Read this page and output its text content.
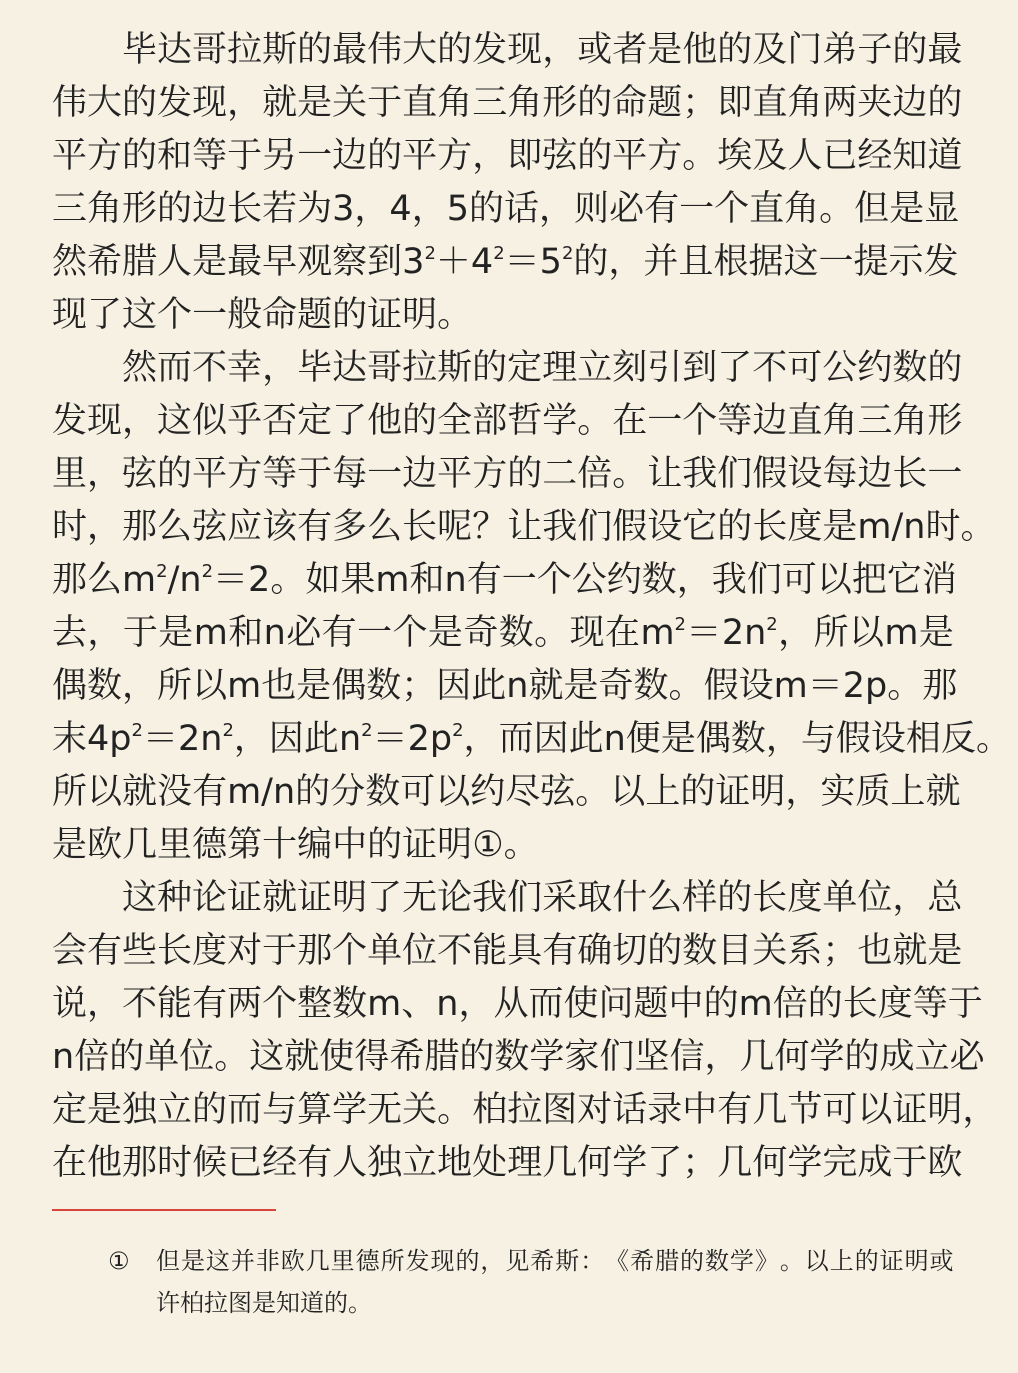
毕 达 哥 拉 斯 的 最 伟 大 的 发 现 ， 或 者 是 他 的 及 门 弟 子 的 最
伟 大 的 发 现 ， 就 是 关 于 直 角 三 角 形 的 命 题 ； 即 直 角 两 夹 边 的
平 方 的 和 等 于 另 一 边 的 平 方 ， 即 弦 的 平 方 。 埃 及 人 已 经 知 道
三 角 形 的 边 长 若 为 3 ， 4 ， 5 的 话 ， 则 必 有 一 个 直 角 。 但 是 显
然 希 腊 人 是 最 早 观 察 到 $3^2 + 4^2 = 5^2$ 的 ， 并 且 根 据 这 一 提 示 发
现 了 这 个 一 般 命 题 的 证 明 。
然 而 不 幸 ， 毕 达 哥 拉 斯 的 定 理 立 刻 引 到 了 不 可 公 约 数 的
发 现 ， 这 似 乎 否 定 了 他 的 全 部 哲 学 。 在 一 个 等 边 直 角 三 角 形
里 ， 弦 的 平 方 等 于 每 一 边 平 方 的 二 倍 。 让 我 们 假 设 每 边 长 一
时 ， 那 么 弦 应 该 有 多 么 长 呢 ？ 让 我 们 假 设 它 的 长 度 是 m/n 时 。
那 么 $m^2/n^2 = 2$ 。 如 果 m 和 n 有 一 个 公 约 数 ， 我 们 可 以 把 它 消
去 ， 于 是 m 和 n 必 有 一 个 是 奇 数 。 现 在 $m^2 = 2n^2$ ， 所 以 m 是
偶 数 ， 所 以 m 也 是 偶 数 ； 因 此 n 就 是 奇 数 。 假 设 m ＝ 2p 。 那
末 $4p^2 = 2n^2$ ， 因 此 $n^2 = 2p^2$ ， 而 因 此 n 便 是 偶 数 ， 与 假 设 相 反 。
所 以 就 没 有 m/n 的 分 数 可 以 约 尽 弦 。 以 上 的 证 明 ， 实 质 上 就
是 欧 几 里 德 第 十 编 中 的 证 明 ① 。
这 种 论 证 就 证 明 了 无 论 我 们 采 取 什 么 样 的 长 度 单 位 ， 总
会 有 些 长 度 对 于 那 个 单 位 不 能 具 有 确 切 的 数 目 关 系 ； 也 就 是
说 ， 不 能 有 两 个 整 数 m 、 n ， 从 而 使 问 题 中 的 m 倍 的 长 度 等 于
n 倍 的 单 位 。 这 就 使 得 希 腊 的 数 学 家 们 坚 信 ， 几 何 学 的 成 立 必
定 是 独 立 的 而 与 算 学 无 关 。 柏 拉 图 对 话 录 中 有 几 节 可 以 证 明 ，
在 他 那 时 候 已 经 有 人 独 立 地 处 理 几 何 学 了 ； 几 何 学 完 成 于 欧
① 但 是 这 并 非 欧 几 里 德 所 发 现 的 ， 见 希 斯 ： 《 希 腊 的 数 学 》 。 以 上 的 证 明 或
许 柏 拉 图 是 知 道 的 。
